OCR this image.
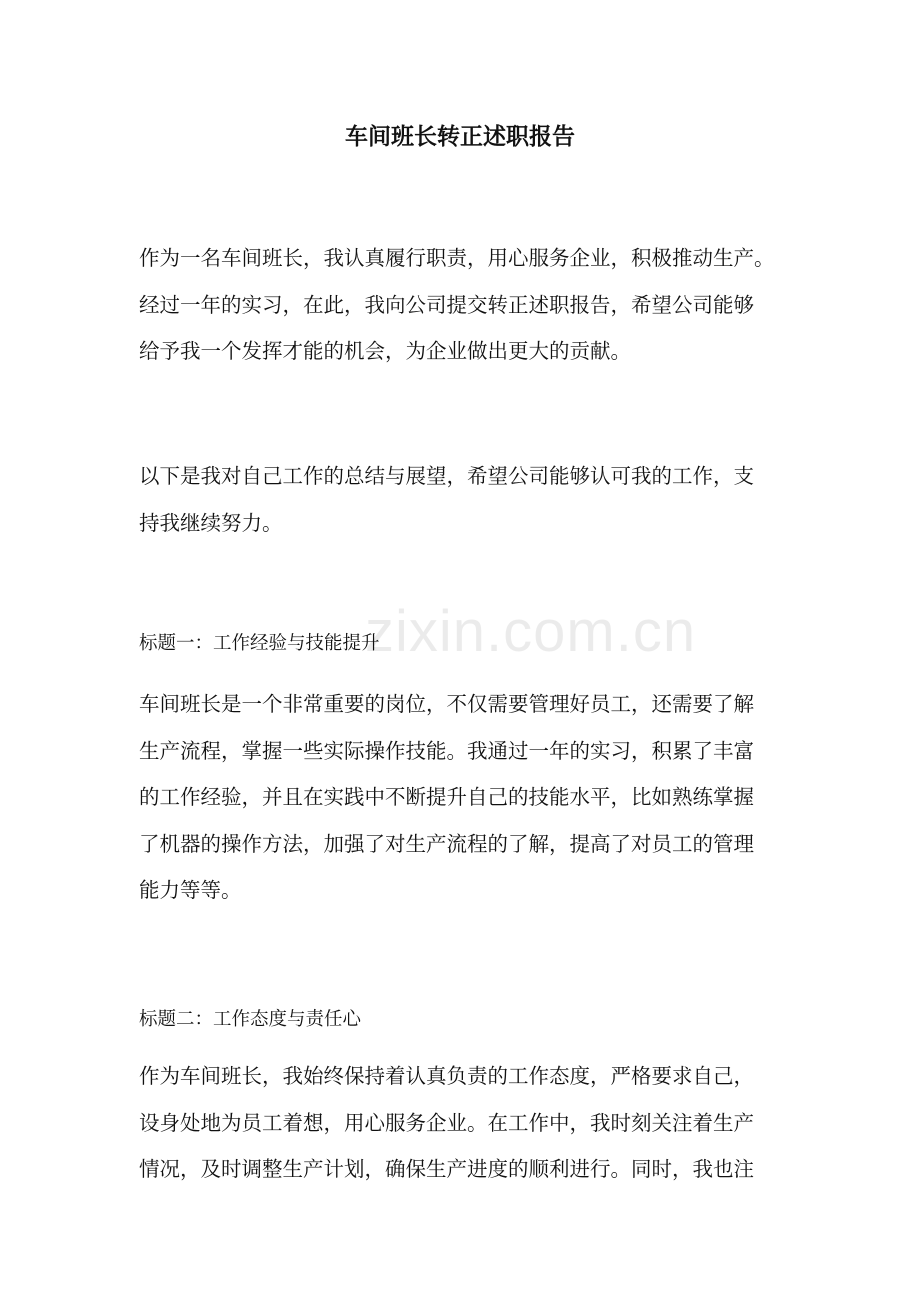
车间班长转正述职报告

作为一名车间班长，我认真履行职责，用心服务企业，积极推动生产。
经过一年的实习，在此，我向公司提交转正述职报告，希望公司能够
给予我一个发挥才能的机会，为企业做出更大的贡献。

以下是我对自己工作的总结与展望，希望公司能够认可我的工作，支
持我继续努力。

标题一：工作经验与技能提升

车间班长是一个非常重要的岗位，不仅需要管理好员工，还需要了解
生产流程，掌握一些实际操作技能。我通过一年的实习，积累了丰富
的工作经验，并且在实践中不断提升自己的技能水平，比如熟练掌握
了机器的操作方法，加强了对生产流程的了解，提高了对员工的管理
能力等等。

标题二：工作态度与责任心

作为车间班长，我始终保持着认真负责的工作态度，严格要求自己，
设身处地为员工着想，用心服务企业。在工作中，我时刻关注着生产
情况，及时调整生产计划，确保生产进度的顺利进行。同时，我也注

zixin.com.cn
